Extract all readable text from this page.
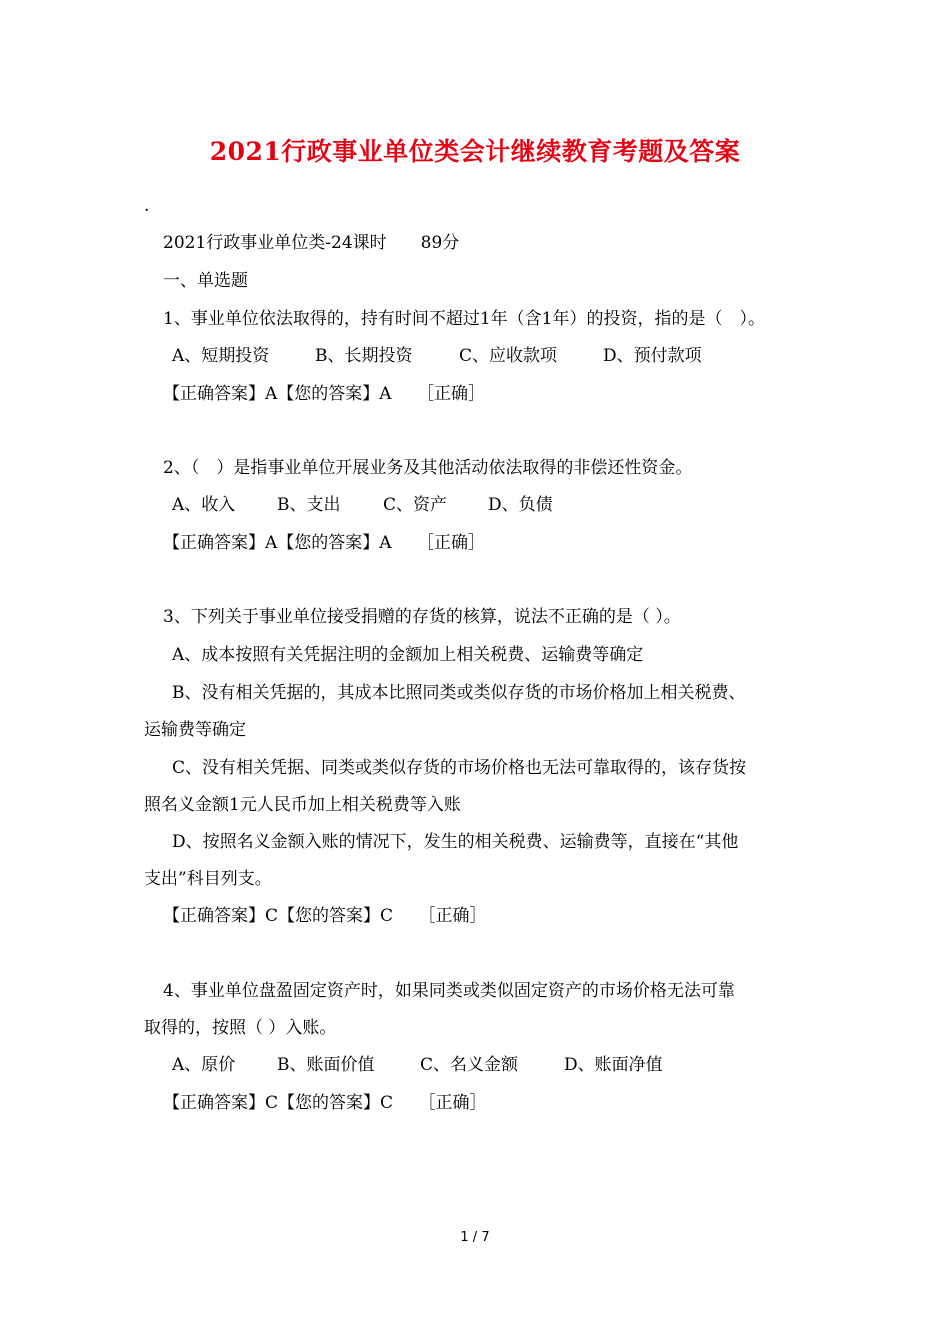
2021行政事业单位类会计继续教育考题及答案
.
2021行政事业单位类-24课时　　89分
一、单选题
1、事业单位依法取得的，持有时间不超过1年（含1年）的投资，指的是（　）。
A、短期投资	B、长期投资	C、应收款项	D、预付款项
【正确答案】A【您的答案】A　　［正确］
2、（　）是指事业单位开展业务及其他活动依法取得的非偿还性资金。
A、收入 B、支出	C、资产 D、负债
【正确答案】A【您的答案】A　　［正确］
3、下列关于事业单位接受捐赠的存货的核算，说法不正确的是（ ）。
A、成本按照有关凭据注明的金额加上相关税费、运输费等确定
B、没有相关凭据的，其成本比照同类或类似存货的市场价格加上相关税费、
运输费等确定
C、没有相关凭据、同类或类似存货的市场价格也无法可靠取得的，该存货按
照名义金额1元人民币加上相关税费等入账
D、按照名义金额入账的情况下，发生的相关税费、运输费等，直接在“其他
支出”科目列支。
【正确答案】C【您的答案】C　　［正确］
4、事业单位盘盈固定资产时，如果同类或类似固定资产的市场价格无法可靠
取得的，按照（ ）入账。
A、原价 B、账面价值	C、名义金额	D、账面净值
【正确答案】C【您的答案】C　　［正确］
1 / 7
